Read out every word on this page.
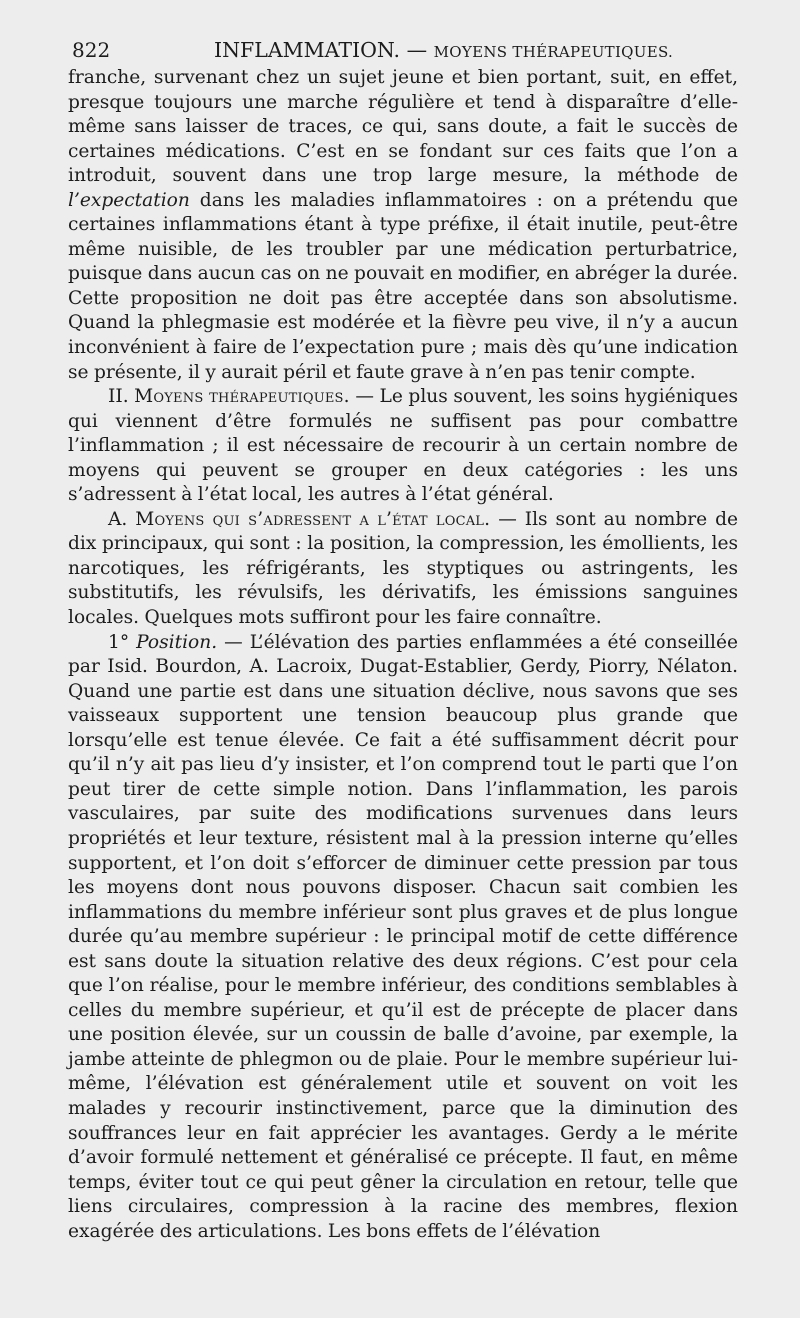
822	INFLAMMATION. — MOYENS THÉRAPEUTIQUES.

franche, survenant chez un sujet jeune et bien portant, suit, en effet, presque toujours une marche régulière et tend à disparaître d’elle-même sans laisser de traces, ce qui, sans doute, a fait le succès de certaines médications. C’est en se fondant sur ces faits que l’on a introduit, souvent dans une trop large mesure, la méthode de l’expectation dans les maladies inflammatoires : on a prétendu que certaines inflammations étant à type préfixe, il était inutile, peut-être même nuisible, de les troubler par une médication perturbatrice, puisque dans aucun cas on ne pouvait en modifier, en abréger la durée. Cette proposition ne doit pas être acceptée dans son absolutisme. Quand la phlegmasie est modérée et la fièvre peu vive, il n’y a aucun inconvénient à faire de l’expectation pure ; mais dès qu’une indication se présente, il y aurait péril et faute grave à n’en pas tenir compte.

II. Moyens thérapeutiques. — Le plus souvent, les soins hygiéniques qui viennent d’être formulés ne suffisent pas pour combattre l’inflammation ; il est nécessaire de recourir à un certain nombre de moyens qui peuvent se grouper en deux catégories : les uns s’adressent à l’état local, les autres à l’état général.

A. Moyens qui s’adressent a l’état local. — Ils sont au nombre de dix principaux, qui sont : la position, la compression, les émollients, les narcotiques, les réfrigérants, les styptiques ou astringents, les substitutifs, les révulsifs, les dérivatifs, les émissions sanguines locales. Quelques mots suffiront pour les faire connaître.

1° Position. — L’élévation des parties enflammées a été conseillée par Isid. Bourdon, A. Lacroix, Dugat-Establier, Gerdy, Piorry, Nélaton. Quand une partie est dans une situation déclive, nous savons que ses vaisseaux supportent une tension beaucoup plus grande que lorsqu’elle est tenue élevée. Ce fait a été suffisamment décrit pour qu’il n’y ait pas lieu d’y insister, et l’on comprend tout le parti que l’on peut tirer de cette simple notion. Dans l’inflammation, les parois vasculaires, par suite des modifications survenues dans leurs propriétés et leur texture, résistent mal à la pression interne qu’elles supportent, et l’on doit s’efforcer de diminuer cette pression par tous les moyens dont nous pouvons disposer. Chacun sait combien les inflammations du membre inférieur sont plus graves et de plus longue durée qu’au membre supérieur : le principal motif de cette différence est sans doute la situation relative des deux régions. C’est pour cela que l’on réalise, pour le membre inférieur, des conditions semblables à celles du membre supérieur, et qu’il est de précepte de placer dans une position élevée, sur un coussin de balle d’avoine, par exemple, la jambe atteinte de phlegmon ou de plaie. Pour le membre supérieur lui-même, l’élévation est généralement utile et souvent on voit les malades y recourir instinctivement, parce que la diminution des souffrances leur en fait apprécier les avantages. Gerdy a le mérite d’avoir formulé nettement et généralisé ce précepte. Il faut, en même temps, éviter tout ce qui peut gêner la circulation en retour, telle que liens circulaires, compression à la racine des membres, flexion exagérée des articulations. Les bons effets de l’élévation
